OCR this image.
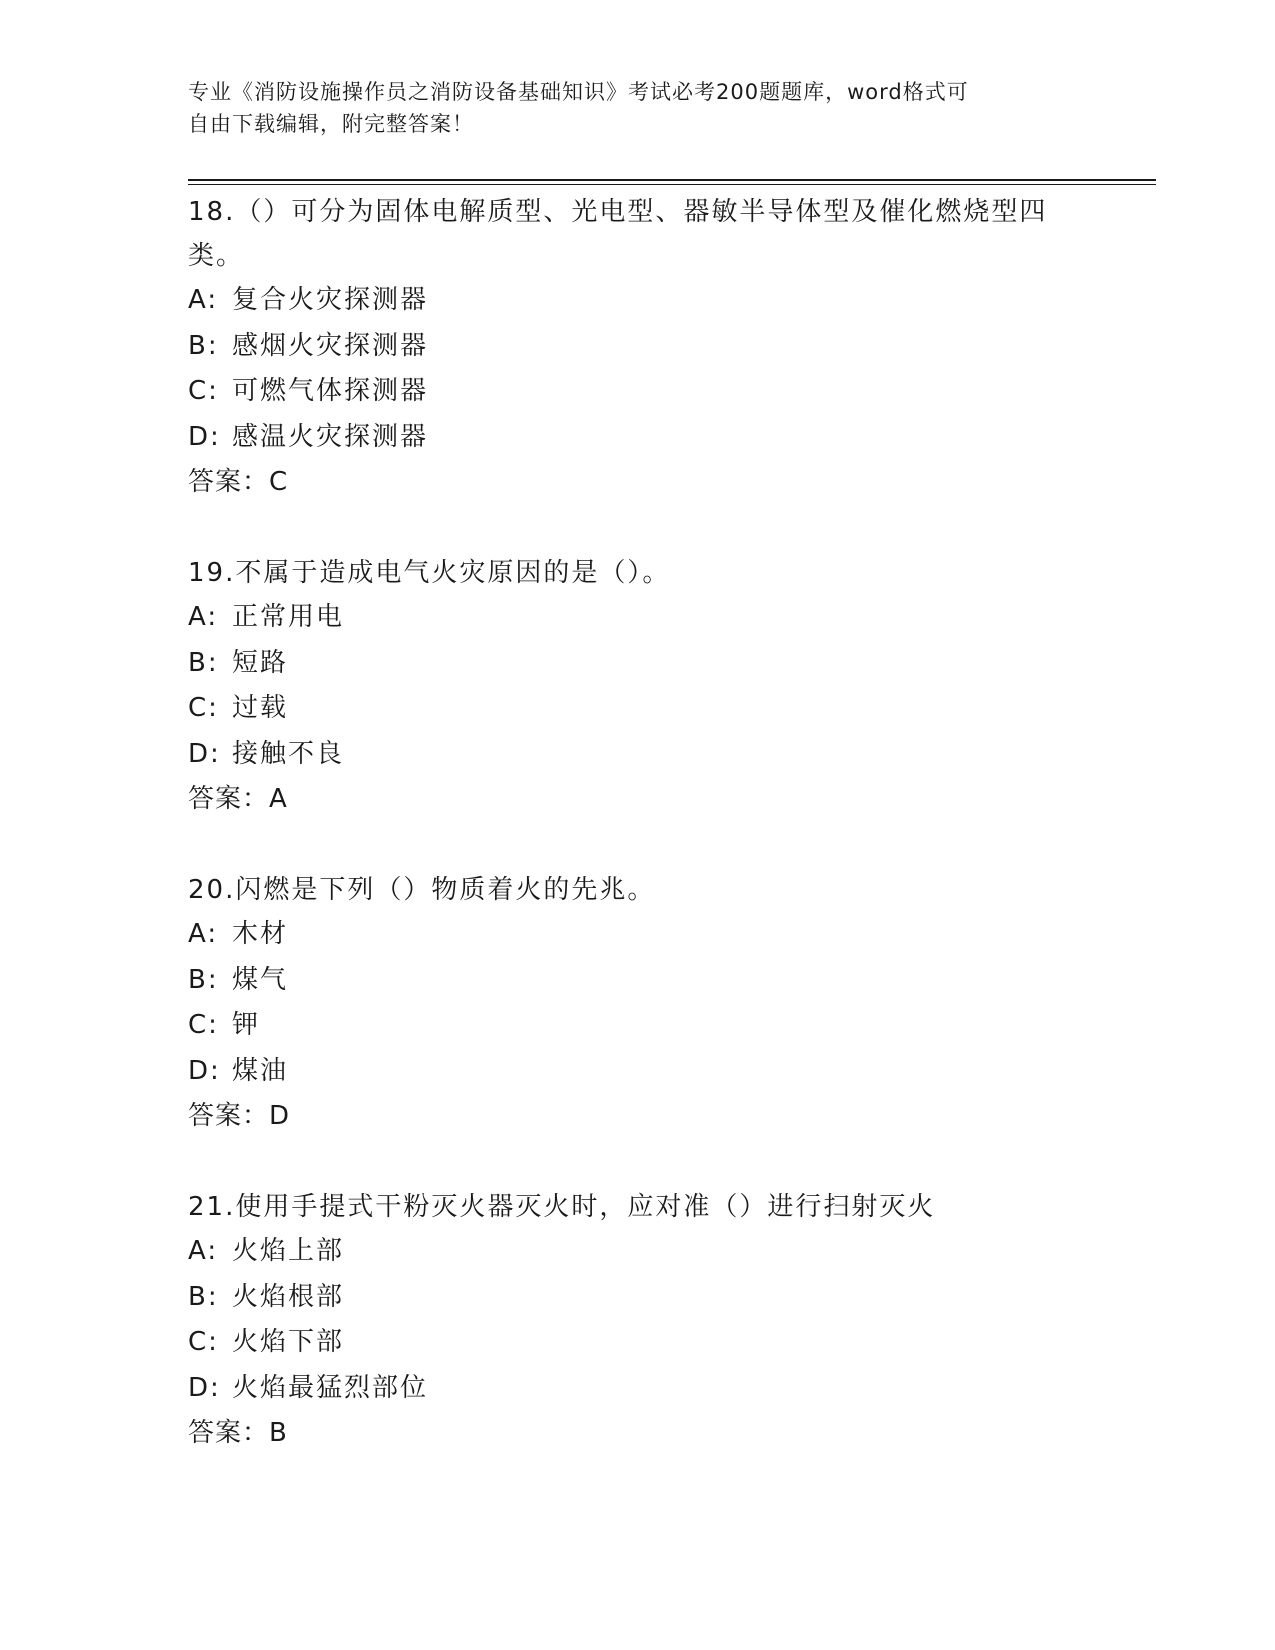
专业《消防设施操作员之消防设备基础知识》考试必考200题题库，word格式可
自由下载编辑，附完整答案！

18.（）可分为固体电解质型、光电型、器敏半导体型及催化燃烧型四

类。

A: 复合火灾探测器

B: 感烟火灾探测器

C: 可燃气体探测器

D: 感温火灾探测器

答案：C

19.不属于造成电气火灾原因的是（）。

A: 正常用电

B: 短路

C: 过载

D: 接触不良

答案：A

20.闪燃是下列（）物质着火的先兆。

A: 木材

B: 煤气

C: 钾

D: 煤油

答案：D

21.使用手提式干粉灭火器灭火时，应对准（）进行扫射灭火

A: 火焰上部

B: 火焰根部

C: 火焰下部

D: 火焰最猛烈部位

答案：B
